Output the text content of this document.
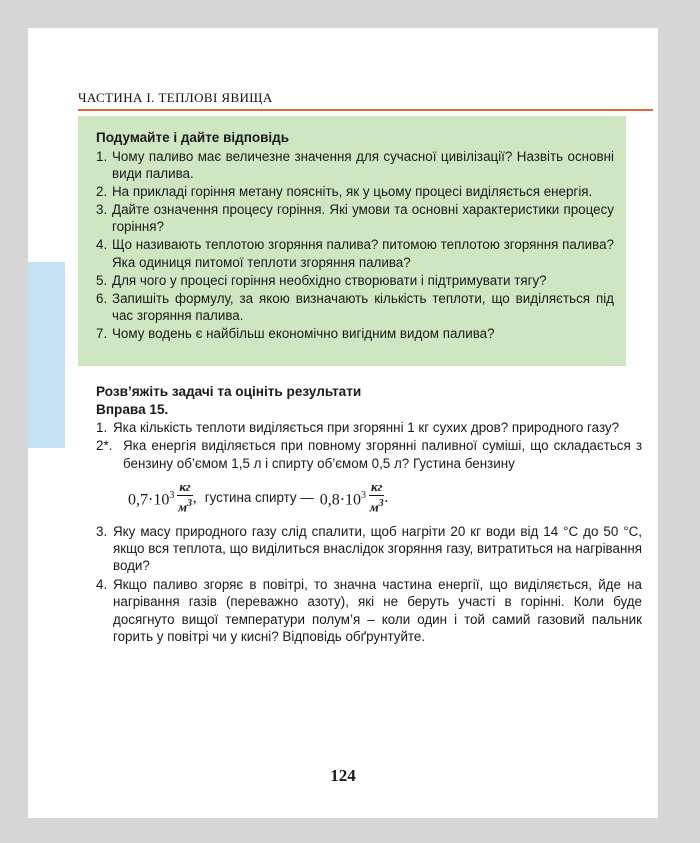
ЧАСТИНА І. ТЕПЛОВІ ЯВИЩА
Подумайте і дайте відповідь
1. Чому паливо має величезне значення для сучасної цивілізації? Назвіть основні види палива.
2. На прикладі горіння метану поясніть, як у цьому процесі виділяється енергія.
3. Дайте означення процесу горіння. Які умови та основні характеристики процесу горіння?
4. Що називають теплотою згоряння палива? питомою теплотою згоряння палива? Яка одиниця питомої теплоти згоряння палива?
5. Для чого у процесі горіння необхідно створювати і підтримувати тягу?
6. Запишіть формулу, за якою визначають кількість теплоти, що виділяється під час згоряння палива.
7. Чому водень є найбільш економічно вигідним видом палива?
Розв’яжіть задачі та оцініть результати
Вправа 15.
1. Яка кількість теплоти виділяється при згорянні 1 кг сухих дров? природного газу?
2*. Яка енергія виділяється при повному згорянні паливної суміші, що складається з бензину об’ємом 1,5 л і спирту об’ємом 0,5 л? Густина бензину
$0,7\cdot 10^3 \frac{кг}{м^3}$ , густина спирту — $0,8\cdot 10^3 \frac{кг}{м^3}$ .
3. Яку масу природного газу слід спалити, щоб нагріти 20 кг води від 14 °С до 50 °С, якщо вся теплота, що виділиться внаслідок згоряння газу, витратиться на нагрівання води?
4. Якщо паливо згоряє в повітрі, то значна частина енергії, що виділяється, йде на нагрівання газів (переважно азоту), які не беруть участі в горінні. Коли буде досягнуто вищої температури полум’я – коли один і той самий газовий пальник горить у повітрі чи у кисні? Відповідь обґрунтуйте.
124
